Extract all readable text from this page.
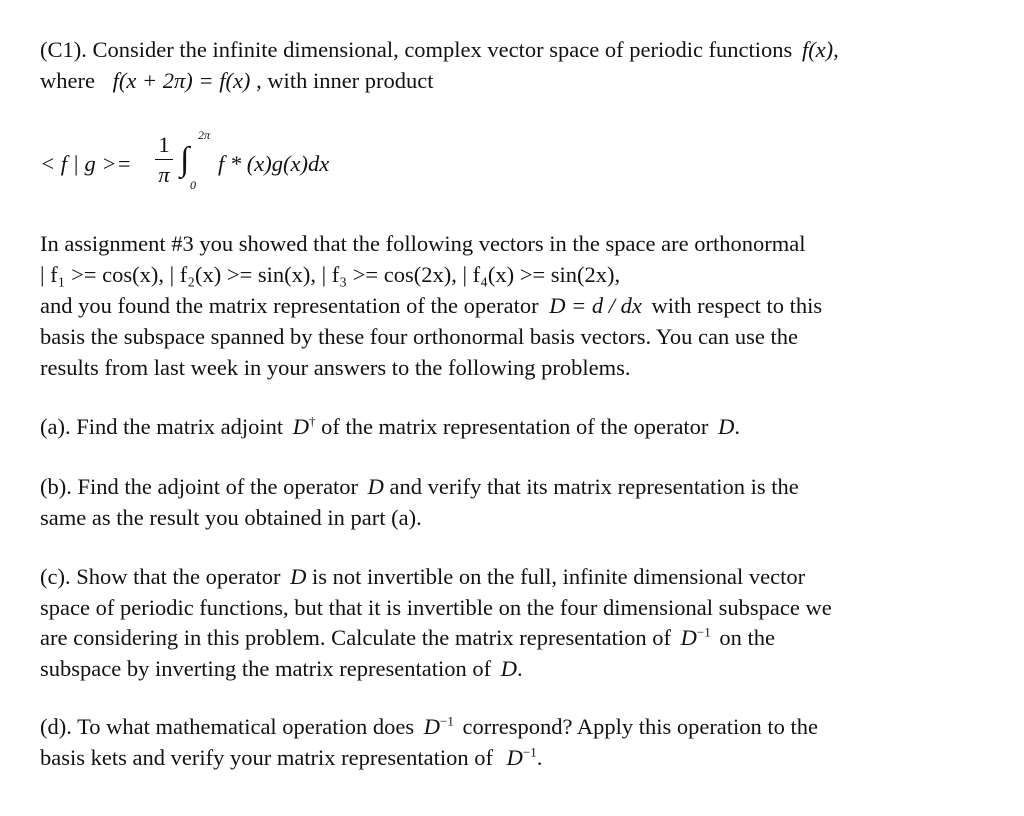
(C1). Consider the infinite dimensional, complex vector space of periodic functions f(x),
where f(x + 2π) = f(x) , with inner product
< f | g >=
1
π
2π
∫
0
f * (x)g(x)dx
In assignment #3 you showed that the following vectors in the space are orthonormal
| f₁ >= cos(x), | f₂(x) >= sin(x), | f₃ >= cos(2x), | f₄(x) >= sin(2x),
and you found the matrix representation of the operator D = d / dx with respect to this
basis the subspace spanned by these four orthonormal basis vectors. You can use the
results from last week in your answers to the following problems.
(a). Find the matrix adjoint D† of the matrix representation of the operator D.
(b). Find the adjoint of the operator D and verify that its matrix representation is the
same as the result you obtained in part (a).
(c). Show that the operator D is not invertible on the full, infinite dimensional vector
space of periodic functions, but that it is invertible on the four dimensional subspace we
are considering in this problem. Calculate the matrix representation of $D^{-1}$ on the
subspace by inverting the matrix representation of D.
(d). To what mathematical operation does $D^{-1}$ correspond? Apply this operation to the
basis kets and verify your matrix representation of $D^{-1}$.
